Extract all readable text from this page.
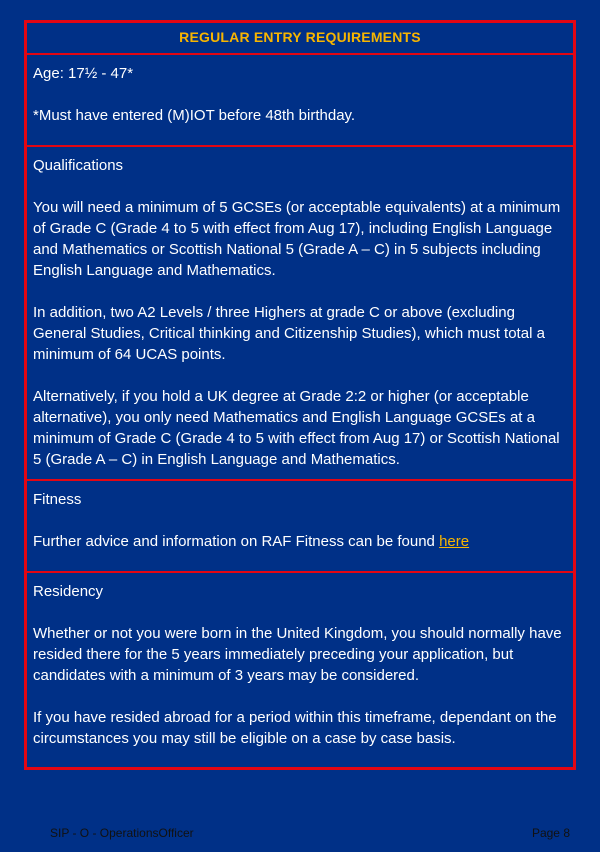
REGULAR ENTRY REQUIREMENTS

Age: 17½ - 47*

*Must have entered (M)IOT before 48th birthday.

Qualifications

You will need a minimum of 5 GCSEs (or acceptable equivalents) at a minimum of Grade C (Grade 4 to 5 with effect from Aug 17), including English Language and Mathematics or Scottish National 5 (Grade A – C) in 5 subjects including English Language and Mathematics.

In addition, two A2 Levels / three Highers at grade C or above (excluding General Studies, Critical thinking and Citizenship Studies), which must total a minimum of 64 UCAS points.

Alternatively, if you hold a UK degree at Grade 2:2 or higher (or acceptable alternative), you only need Mathematics and English Language GCSEs at a minimum of Grade C (Grade 4 to 5 with effect from Aug 17) or Scottish National 5 (Grade A – C) in English Language and Mathematics.

Fitness

Further advice and information on RAF Fitness can be found here

Residency

Whether or not you were born in the United Kingdom, you should normally have resided there for the 5 years immediately preceding your application, but candidates with a minimum of 3 years may be considered.

If you have resided abroad for a period within this timeframe, dependant on the circumstances you may still be eligible on a case by case basis.

SIP - O - OperationsOfficer	Page 8
